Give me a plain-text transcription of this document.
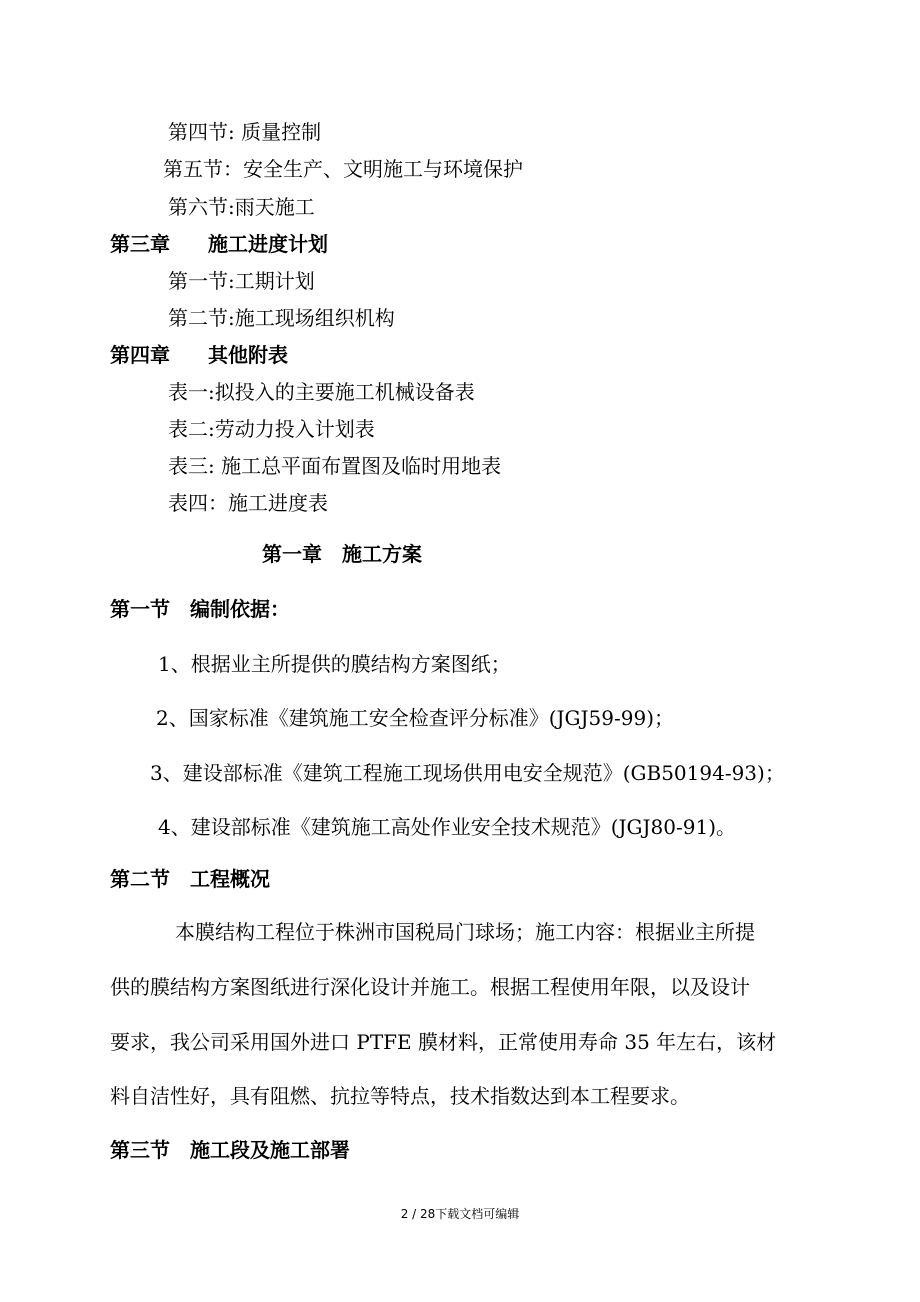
第四节: 质量控制
第五节：安全生产、文明施工与环境保护
第六节:雨天施工
第三章 施工进度计划
第一节:工期计划
第二节:施工现场组织机构
第四章 其他附表
表一:拟投入的主要施工机械设备表
表二:劳动力投入计划表
表三: 施工总平面布置图及临时用地表
表四：施工进度表
第一章　施工方案
第一节　编制依据：
1、根据业主所提供的膜结构方案图纸；
2、国家标准《建筑施工安全检查评分标准》(JGJ59-99)；
3、建设部标准《建筑工程施工现场供用电安全规范》(GB50194-93)；
4、建设部标准《建筑施工高处作业安全技术规范》(JGJ80-91)。
第二节　工程概况
本膜结构工程位于株洲市国税局门球场；施工内容：根据业主所提
供的膜结构方案图纸进行深化设计并施工。根据工程使用年限，以及设计
要求，我公司采用国外进口 PTFE 膜材料，正常使用寿命 35 年左右，该材
料自洁性好，具有阻燃、抗拉等特点，技术指数达到本工程要求。
第三节　施工段及施工部署
2 / 28下载文档可编辑
